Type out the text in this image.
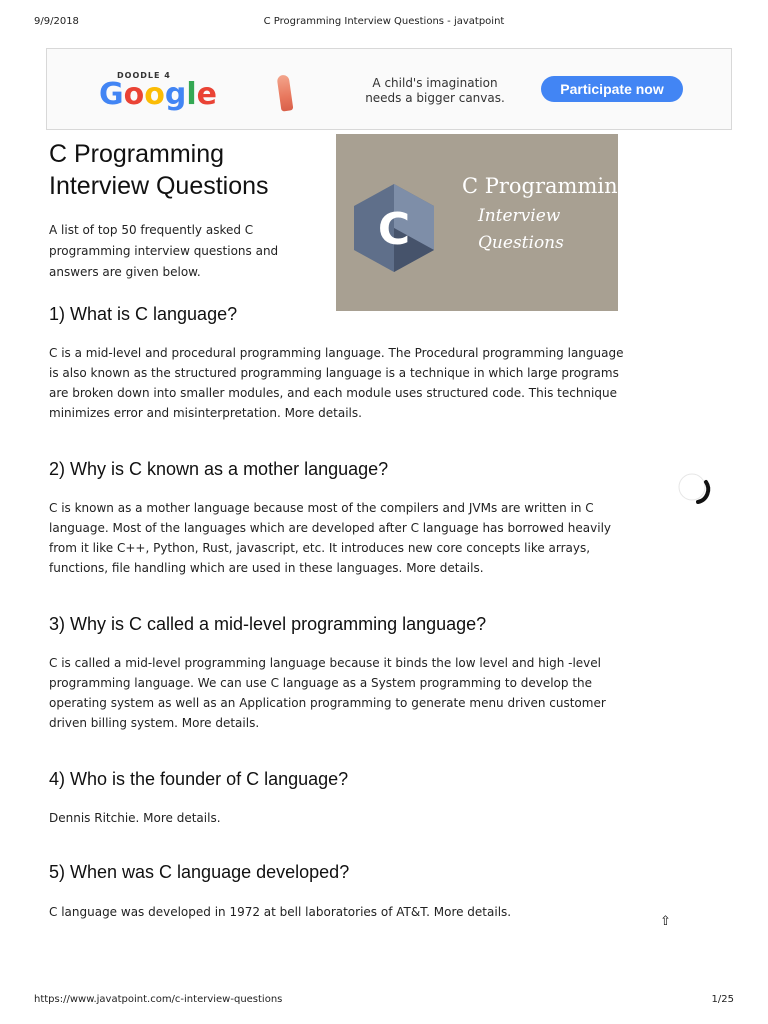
9/9/2018	C Programming Interview Questions - javatpoint
DOODLE 4
Google	A child's imagination
needs a bigger canvas.
Participate now
C Programming
Interview Questions

A list of top 50 frequently asked C programming interview questions and answers are given below.

C
C Programming
Interview
Questions
1) What is C language?

C is a mid-level and procedural programming language. The Procedural programming language is also known as the structured programming language is a technique in which large programs are broken down into smaller modules, and each module uses structured code. This technique minimizes error and misinterpretation. More details.

2) Why is C known as a mother language?

C is known as a mother language because most of the compilers and JVMs are written in C language. Most of the languages which are developed after C language has borrowed heavily from it like C++, Python, Rust, javascript, etc. It introduces new core concepts like arrays, functions, file handling which are used in these languages. More details.

3) Why is C called a mid-level programming language?

C is called a mid-level programming language because it binds the low level and high -level programming language. We can use C language as a System programming to develop the operating system as well as an Application programming to generate menu driven customer driven billing system. More details.

4) Who is the founder of C language?

Dennis Ritchie. More details.

5) When was C language developed?

C language was developed in 1972 at bell laboratories of AT&T. More details.

⇧
https://www.javatpoint.com/c-interview-questions	1/25
